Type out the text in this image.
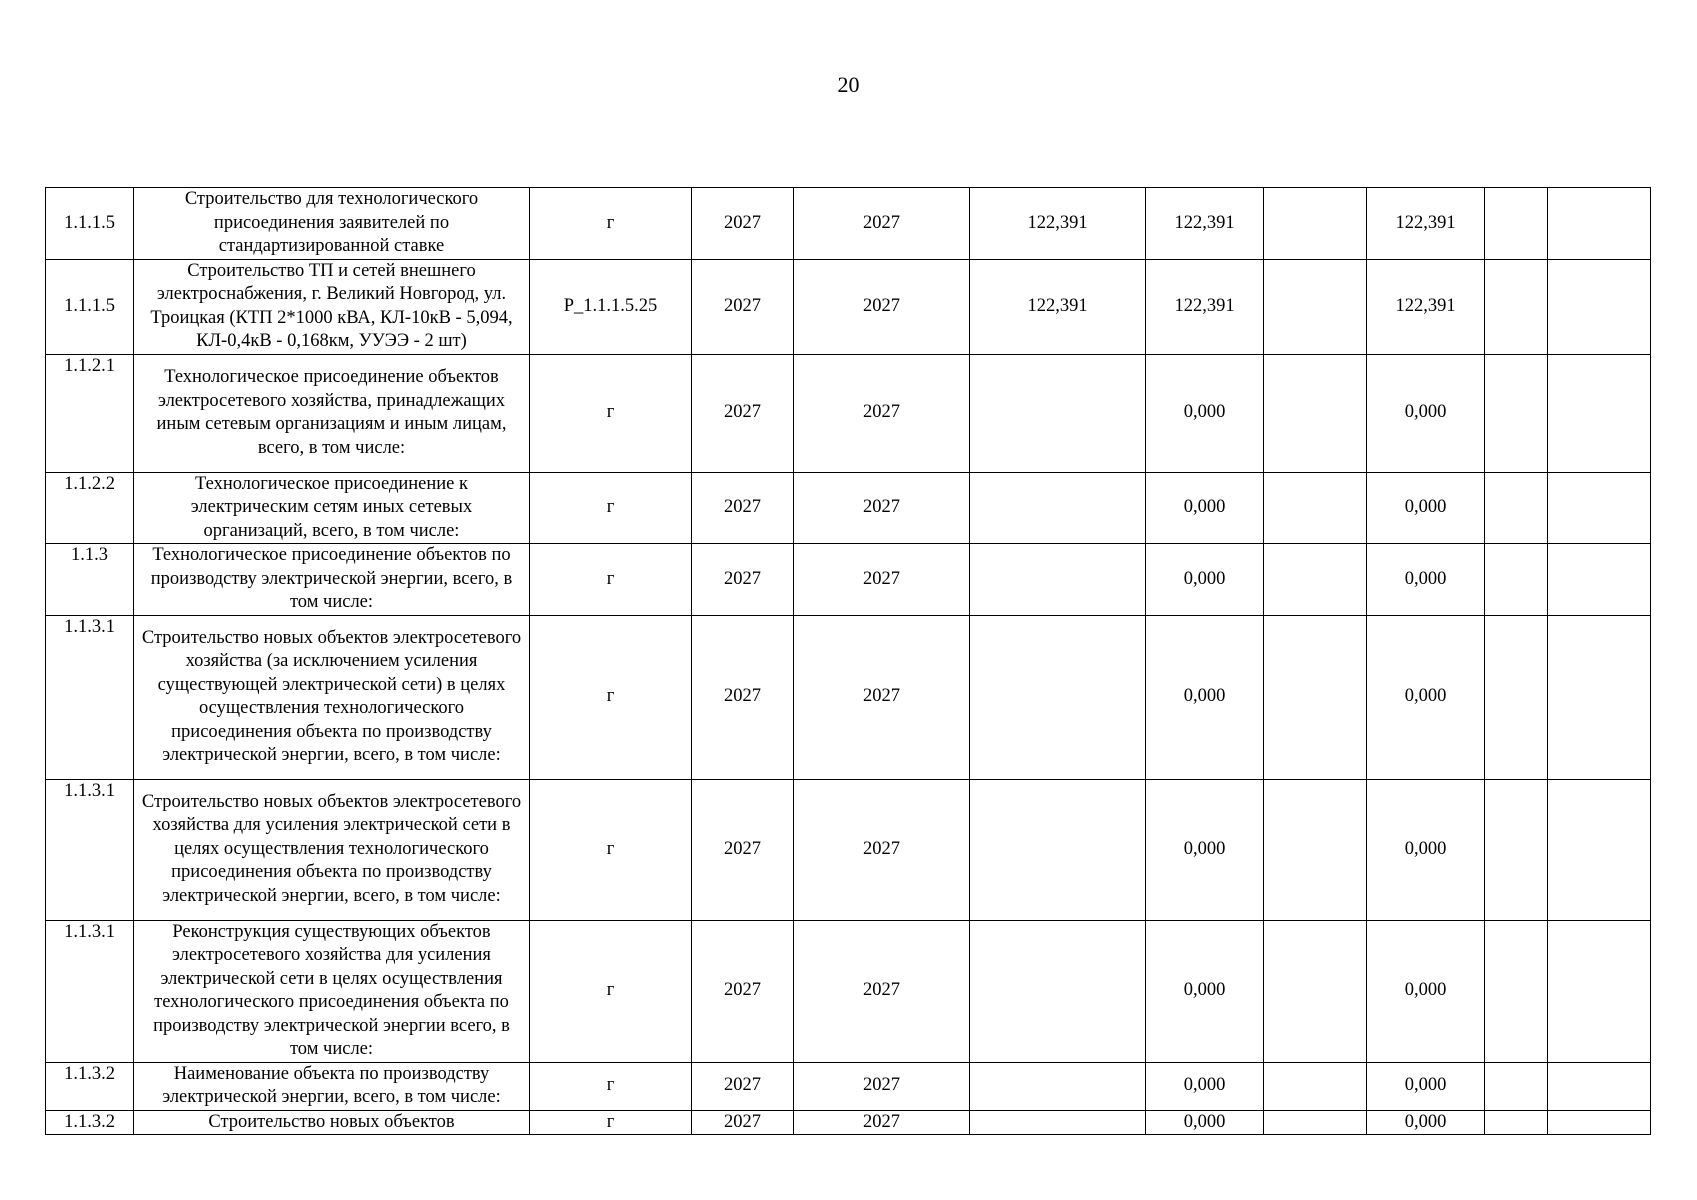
20
1.1.1.5	Строительство для технологического присоединения заявителей по стандартизированной ставке	г	2027	2027	122,391	122,391		122,391		
1.1.1.5	Строительство ТП и сетей внешнего электроснабжения, г. Великий Новгород, ул. Троицкая (КТП 2*1000 кВА, КЛ-10кВ - 5,094, КЛ-0,4кВ - 0,168км, УУЭЭ - 2 шт)	P_1.1.1.5.25	2027	2027	122,391	122,391		122,391		
1.1.2.1	Технологическое присоединение объектов электросетевого хозяйства, принадлежащих иным сетевым организациям и иным лицам, всего, в том числе:	г	2027	2027		0,000		0,000		
1.1.2.2	Технологическое присоединение к электрическим сетям иных сетевых организаций, всего, в том числе:	г	2027	2027		0,000		0,000		
1.1.3	Технологическое присоединение объектов по производству электрической энергии, всего, в том числе:	г	2027	2027		0,000		0,000		
1.1.3.1	Строительство новых объектов электросетевого хозяйства (за исключением усиления существующей электрической сети) в целях осуществления технологического присоединения объекта по производству электрической энергии, всего, в том числе:	г	2027	2027		0,000		0,000		
1.1.3.1	Строительство новых объектов электросетевого хозяйства для усиления электрической сети в целях осуществления технологического присоединения объекта по производству электрической энергии, всего, в том числе:	г	2027	2027		0,000		0,000		
1.1.3.1	Реконструкция существующих объектов электросетевого хозяйства для усиления электрической сети в целях осуществления технологического присоединения объекта по производству электрической энергии всего, в том числе:	г	2027	2027		0,000		0,000		
1.1.3.2	Наименование объекта по производству электрической энергии, всего, в том числе:	г	2027	2027		0,000		0,000		
1.1.3.2	Строительство новых объектов	г	2027	2027		0,000		0,000		
